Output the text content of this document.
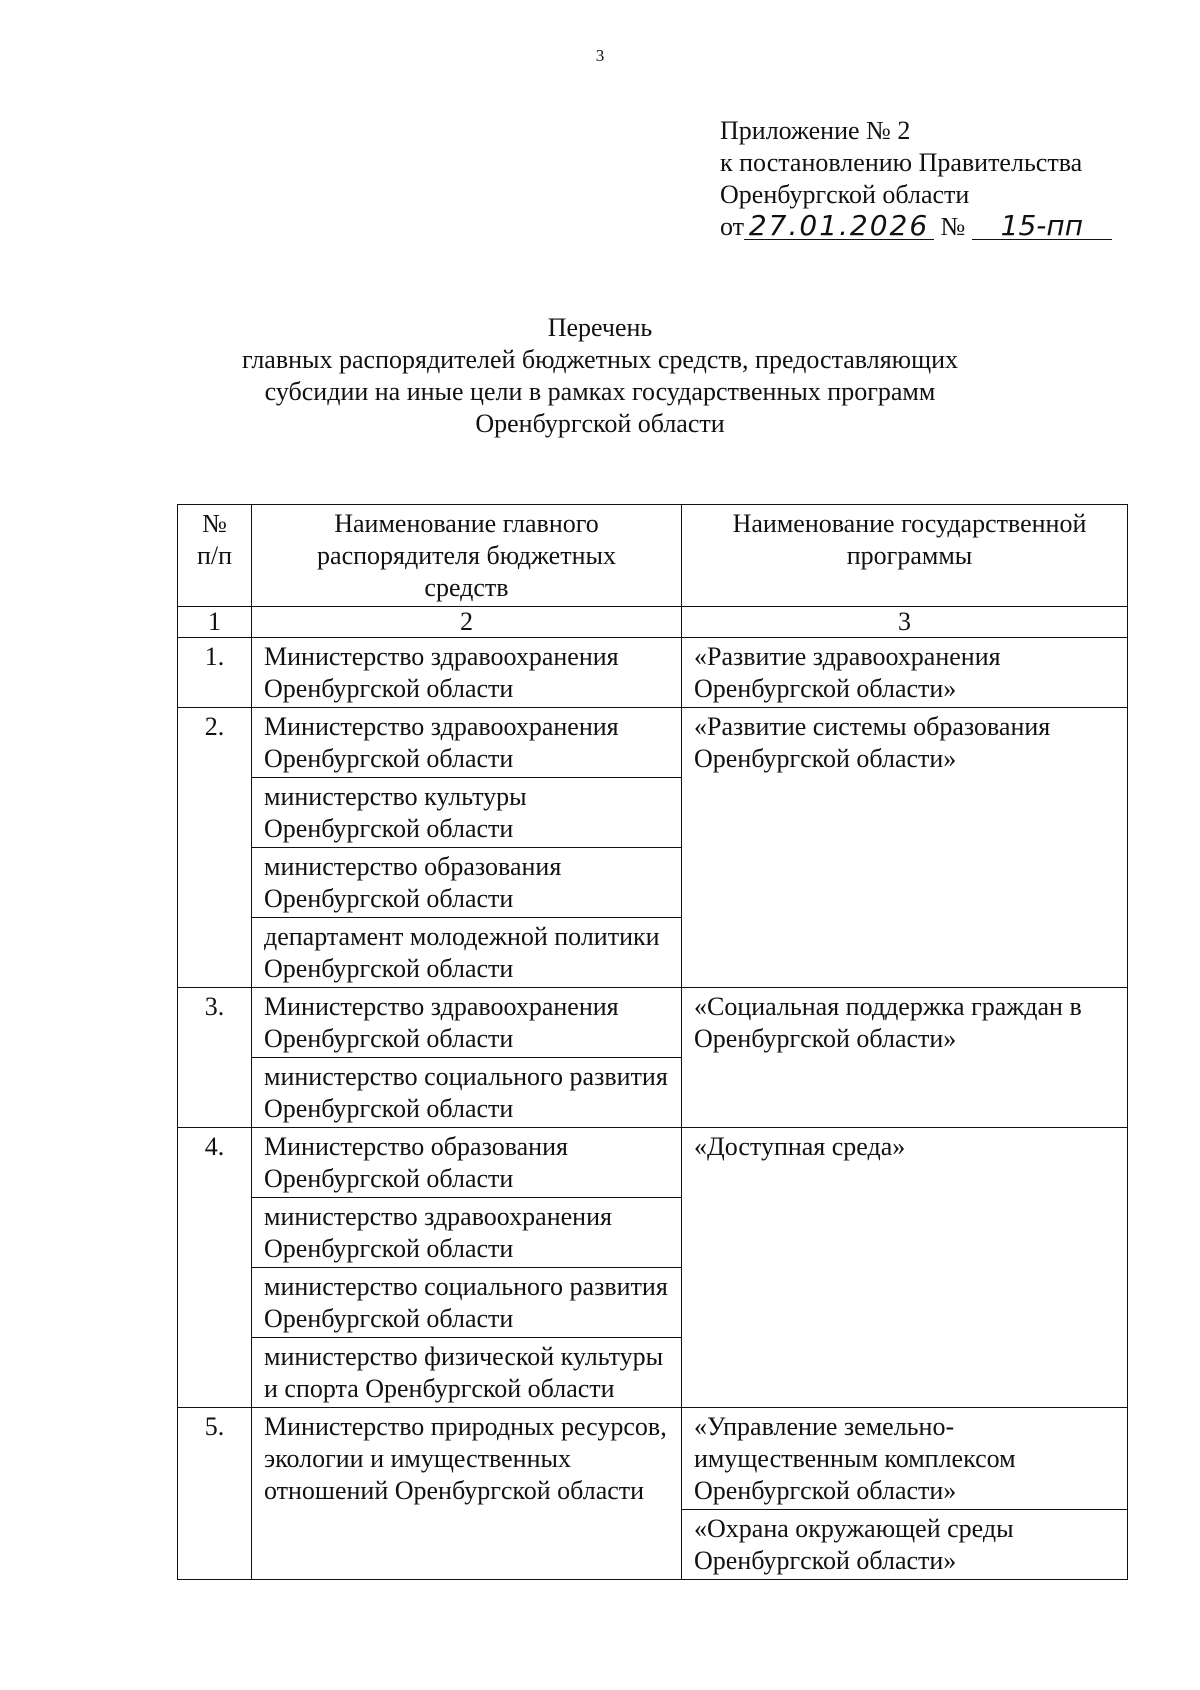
3
Приложение № 2
к постановлению Правительства
Оренбургской области
от 27.01.2026 № 15-пп
Перечень
главных распорядителей бюджетных средств, предоставляющих
субсидии на иные цели в рамках государственных программ
Оренбургской области
№ п/п	Наименование главного распорядителя бюджетных средств	Наименование государственной программы
1	2	3
1.	Министерство здравоохранения Оренбургской области	«Развитие здравоохранения Оренбургской области»
2.	Министерство здравоохранения Оренбургской области	«Развитие системы образования Оренбургской области»
	министерство культуры Оренбургской области	
	министерство образования Оренбургской области	
	департамент молодежной политики Оренбургской области	
3.	Министерство здравоохранения Оренбургской области	«Социальная поддержка граждан в Оренбургской области»
	министерство социального развития Оренбургской области	
4.	Министерство образования Оренбургской области	«Доступная среда»
	министерство здравоохранения Оренбургской области	
	министерство социального развития Оренбургской области	
	министерство физической культуры и спорта Оренбургской области	
5.	Министерство природных ресурсов, экологии и имущественных отношений Оренбургской области	«Управление земельно-имущественным комплексом Оренбургской области»
		«Охрана окружающей среды Оренбургской области»
